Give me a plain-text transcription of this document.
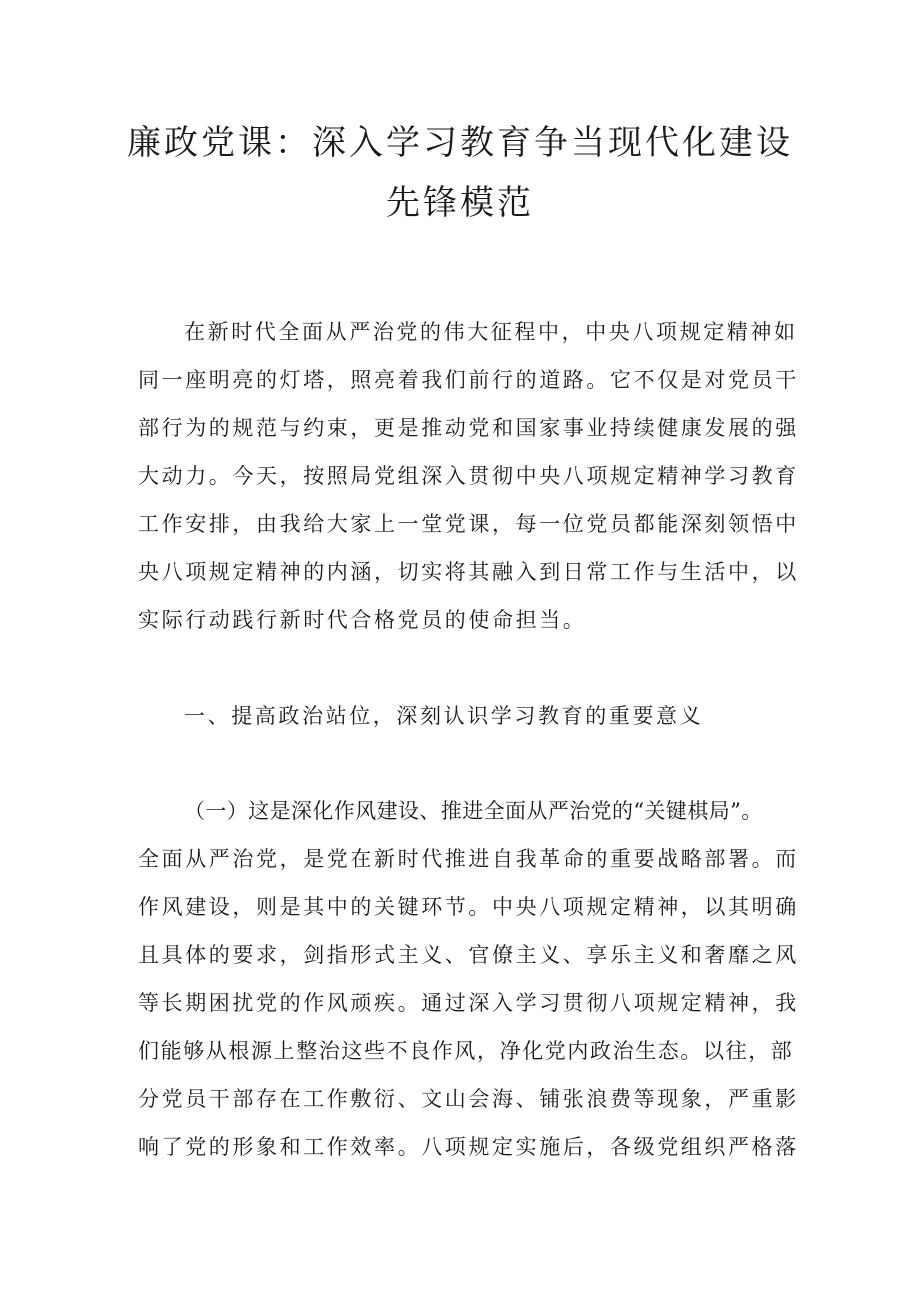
廉政党课：深入学习教育争当现代化建设
先锋模范
在新时代全面从严治党的伟大征程中，中央八项规定精神如
同一座明亮的灯塔，照亮着我们前行的道路。它不仅是对党员干
部行为的规范与约束，更是推动党和国家事业持续健康发展的强
大动力。今天，按照局党组深入贯彻中央八项规定精神学习教育
工作安排，由我给大家上一堂党课，每一位党员都能深刻领悟中
央八项规定精神的内涵，切实将其融入到日常工作与生活中，以
实际行动践行新时代合格党员的使命担当。
一、提高政治站位，深刻认识学习教育的重要意义
（一）这是深化作风建设、推进全面从严治党的“关键棋局”。
全面从严治党，是党在新时代推进自我革命的重要战略部署。而
作风建设，则是其中的关键环节。中央八项规定精神，以其明确
且具体的要求，剑指形式主义、官僚主义、享乐主义和奢靡之风
等长期困扰党的作风顽疾。通过深入学习贯彻八项规定精神，我
们能够从根源上整治这些不良作风，净化党内政治生态。以往，部
分党员干部存在工作敷衍、文山会海、铺张浪费等现象，严重影
响了党的形象和工作效率。八项规定实施后，各级党组织严格落
